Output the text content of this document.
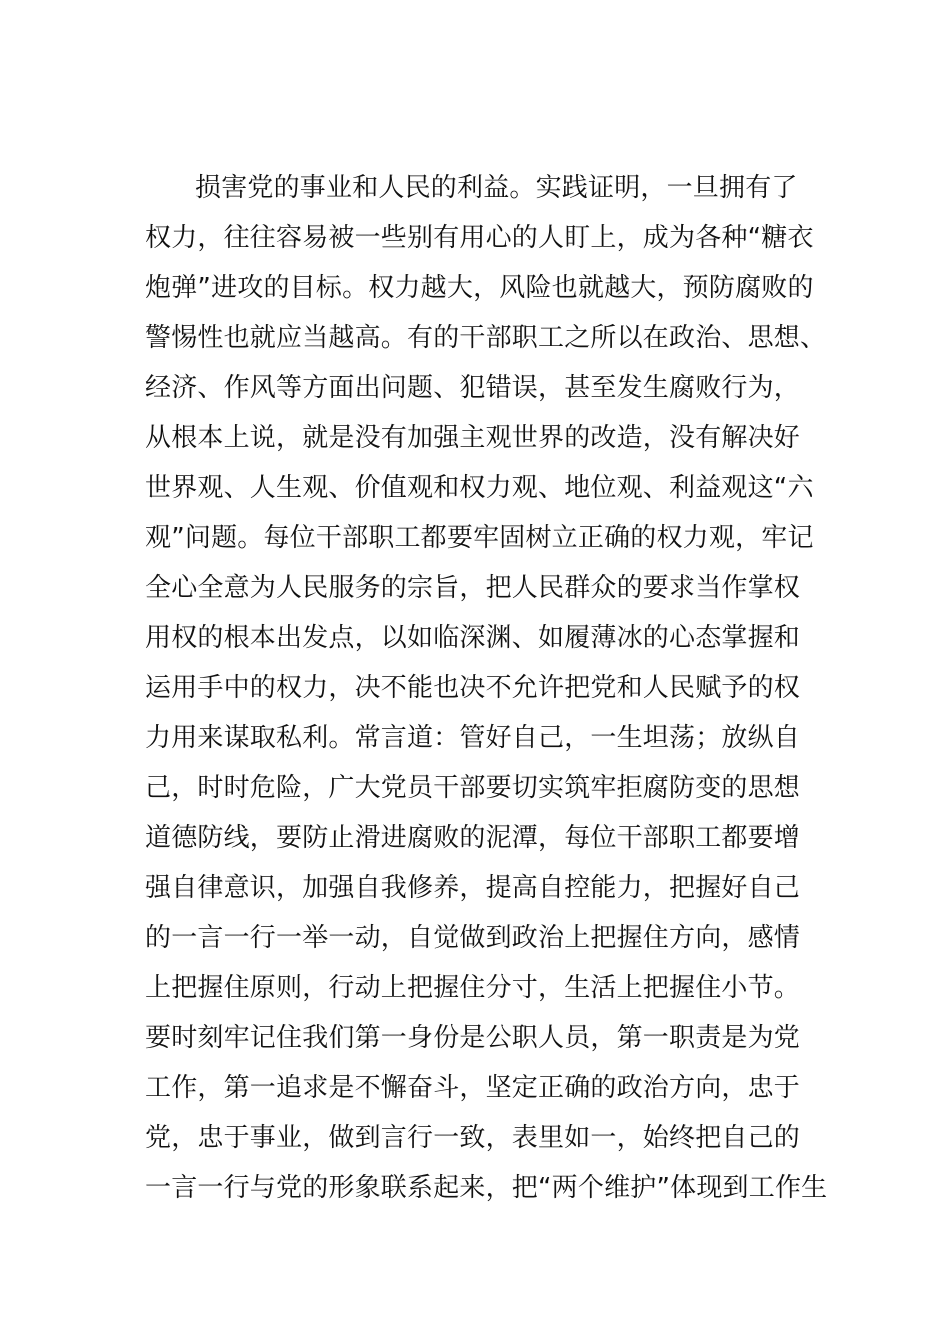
损害党的事业和人民的利益。实践证明，一旦拥有了
权力，往往容易被一些别有用心的人盯上，成为各种“糖衣
炮弹”进攻的目标。权力越大，风险也就越大，预防腐败的
警惕性也就应当越高。有的干部职工之所以在政治、思想、
经济、作风等方面出问题、犯错误，甚至发生腐败行为，
从根本上说，就是没有加强主观世界的改造，没有解决好
世界观、人生观、价值观和权力观、地位观、利益观这“六
观”问题。每位干部职工都要牢固树立正确的权力观，牢记
全心全意为人民服务的宗旨，把人民群众的要求当作掌权
用权的根本出发点，以如临深渊、如履薄冰的心态掌握和
运用手中的权力，决不能也决不允许把党和人民赋予的权
力用来谋取私利。常言道：管好自己，一生坦荡；放纵自
己，时时危险，广大党员干部要切实筑牢拒腐防变的思想
道德防线，要防止滑进腐败的泥潭，每位干部职工都要增
强自律意识，加强自我修养，提高自控能力，把握好自己
的一言一行一举一动，自觉做到政治上把握住方向，感情
上把握住原则，行动上把握住分寸，生活上把握住小节。
要时刻牢记住我们第一身份是公职人员，第一职责是为党
工作，第一追求是不懈奋斗，坚定正确的政治方向，忠于
党，忠于事业，做到言行一致，表里如一，始终把自己的
一言一行与党的形象联系起来，把“两个维护”体现到工作生
